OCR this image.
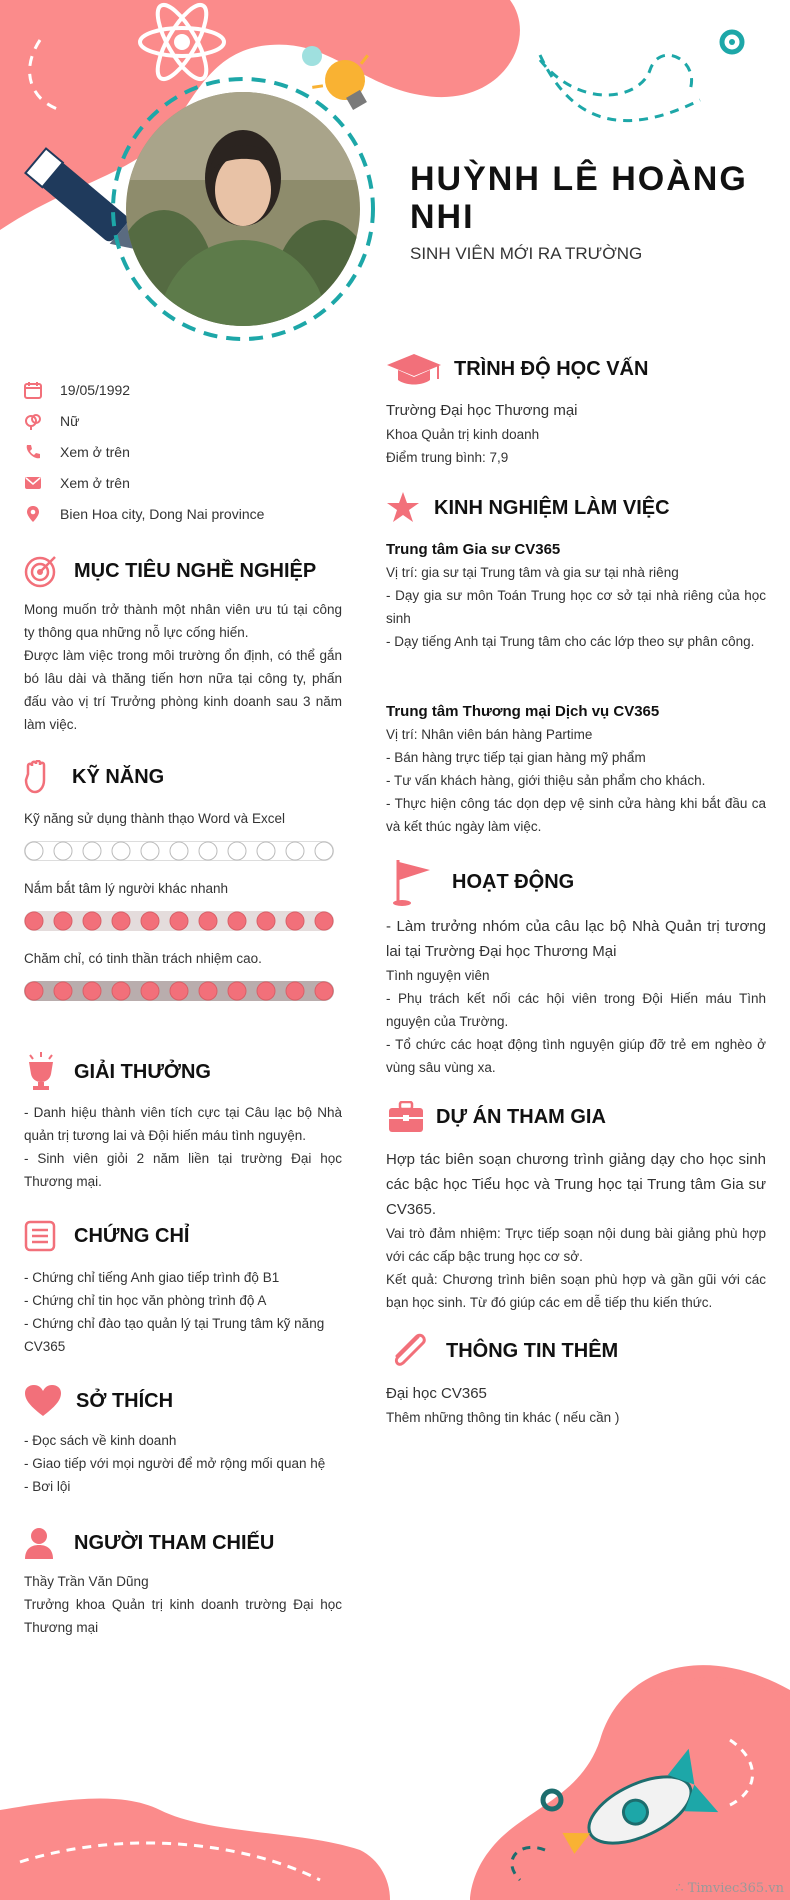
HUỲNH LÊ HOÀNG NHI
SINH VIÊN MỚI RA TRƯỜNG
19/05/1992
Nữ
Xem ở trên
Xem ở trên
Bien Hoa city, Dong Nai province
MỤC TIÊU NGHỀ NGHIỆP

Mong muốn trở thành một nhân viên ưu tú tại công ty thông qua những nỗ lực cống hiến.

Được làm việc trong môi trường ổn định, có thể gắn bó lâu dài và thăng tiến hơn nữa tại công ty, phấn đấu vào vị trí Trưởng phòng kinh doanh sau 3 năm làm việc.

KỸ NĂNG
Kỹ năng sử dụng thành thạo Word và Excel
Nắm bắt tâm lý người khác nhanh
Chăm chỉ, có tinh thần trách nhiệm cao.
GIẢI THƯỞNG

- Danh hiệu thành viên tích cực tại Câu lạc bộ Nhà quản trị tương lai và Đội hiến máu tình nguyện.

- Sinh viên giỏi 2 năm liền tại trường Đại học Thương mại.

CHỨNG CHỈ

- Chứng chỉ tiếng Anh giao tiếp trình độ B1

- Chứng chỉ tin học văn phòng trình độ A

- Chứng chỉ đào tạo quản lý tại Trung tâm kỹ năng CV365

SỞ THÍCH

- Đọc sách về kinh doanh

- Giao tiếp với mọi người để mở rộng mối quan hệ

- Bơi lội

NGƯỜI THAM CHIẾU

Thầy Trần Văn Dũng

Trưởng khoa Quản trị kinh doanh trường Đại học Thương mại

TRÌNH ĐỘ HỌC VẤN

Trường Đại học Thương mại

Khoa Quản trị kinh doanh

Điểm trung bình: 7,9

KINH NGHIỆM LÀM VIỆC

Trung tâm Gia sư CV365

Vị trí: gia sư tại Trung tâm và gia sư tại nhà riêng

- Dạy gia sư môn Toán Trung học cơ sở tại nhà riêng của học sinh

- Dạy tiếng Anh tại Trung tâm cho các lớp theo sự phân công.

Trung tâm Thương mại Dịch vụ CV365

Vị trí: Nhân viên bán hàng Partime

- Bán hàng trực tiếp tại gian hàng mỹ phẩm

- Tư vấn khách hàng, giới thiệu sản phẩm cho khách.

- Thực hiện công tác dọn dẹp vệ sinh cửa hàng khi bắt đầu ca và kết thúc ngày làm việc.

HOẠT ĐỘNG

- Làm trưởng nhóm của câu lạc bộ Nhà Quản trị tương lai tại Trường Đại học Thương Mại

Tình nguyện viên

- Phụ trách kết nối các hội viên trong Đội Hiến máu Tình nguyện của Trường.

- Tổ chức các hoạt động tình nguyện giúp đỡ trẻ em nghèo ở vùng sâu vùng xa.

DỰ ÁN THAM GIA

Hợp tác biên soạn chương trình giảng dạy cho học sinh các bậc học Tiểu học và Trung học tại Trung tâm Gia sư CV365.

Vai trò đảm nhiệm: Trực tiếp soạn nội dung bài giảng phù hợp với các cấp bậc trung học cơ sở.

Kết quả: Chương trình biên soạn phù hợp và gần gũi với các bạn học sinh. Từ đó giúp các em dễ tiếp thu kiến thức.

THÔNG TIN THÊM

Đại học CV365

Thêm những thông tin khác ( nếu cần )

∴ Timviec365.vn
